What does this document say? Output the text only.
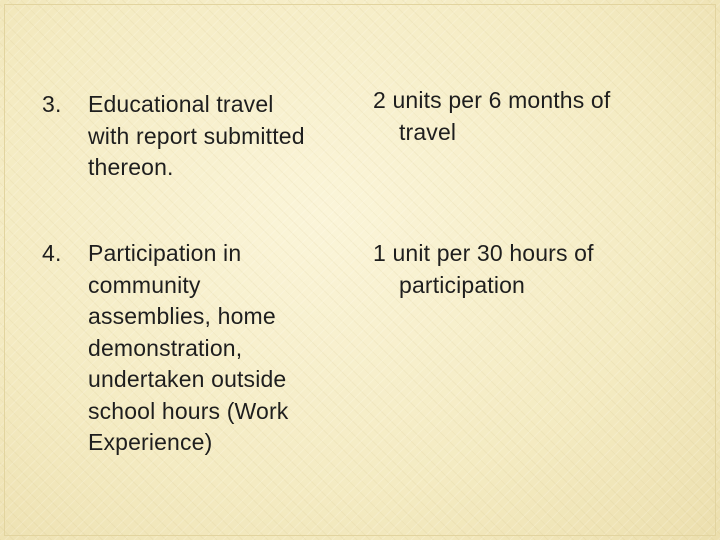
3. Educational travel
with report submitted
thereon.
2 units per 6 months of
travel
4. Participation in
community
assemblies, home
demonstration,
undertaken outside
school hours (Work
Experience)
1 unit per 30 hours of
participation
